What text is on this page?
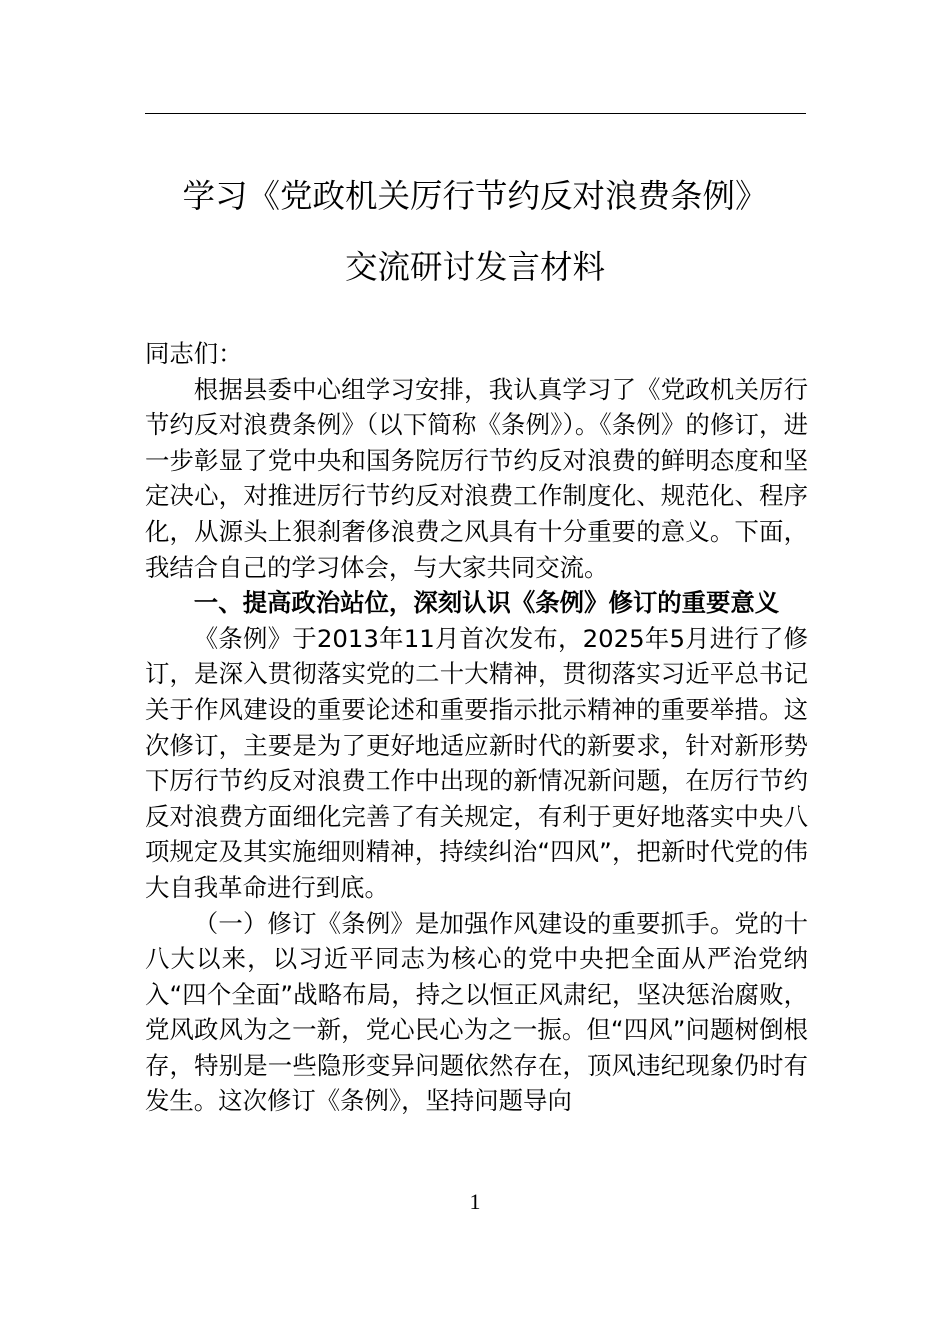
学习《党政机关厉行节约反对浪费条例》
交流研讨发言材料

同志们：

根据县委中心组学习安排，我认真学习了《党政机关厉行节约反对浪费条例》（以下简称《条例》）。《条例》的修订，进一步彰显了党中央和国务院厉行节约反对浪费的鲜明态度和坚定决心，对推进厉行节约反对浪费工作制度化、规范化、程序化，从源头上狠刹奢侈浪费之风具有十分重要的意义。下面，我结合自己的学习体会，与大家共同交流。

一、提高政治站位，深刻认识《条例》修订的重要意义

《条例》于2013年11月首次发布，2025年5月进行了修订，是深入贯彻落实党的二十大精神，贯彻落实习近平总书记关于作风建设的重要论述和重要指示批示精神的重要举措。这次修订，主要是为了更好地适应新时代的新要求，针对新形势下厉行节约反对浪费工作中出现的新情况新问题，在厉行节约反对浪费方面细化完善了有关规定，有利于更好地落实中央八项规定及其实施细则精神，持续纠治“四风”，把新时代党的伟大自我革命进行到底。

（一）修订《条例》是加强作风建设的重要抓手。党的十八大以来，以习近平同志为核心的党中央把全面从严治党纳入“四个全面”战略布局，持之以恒正风肃纪，坚决惩治腐败，党风政风为之一新，党心民心为之一振。但“四风”问题树倒根存，特别是一些隐形变异问题依然存在，顶风违纪现象仍时有发生。这次修订《条例》，坚持问题导向

1
